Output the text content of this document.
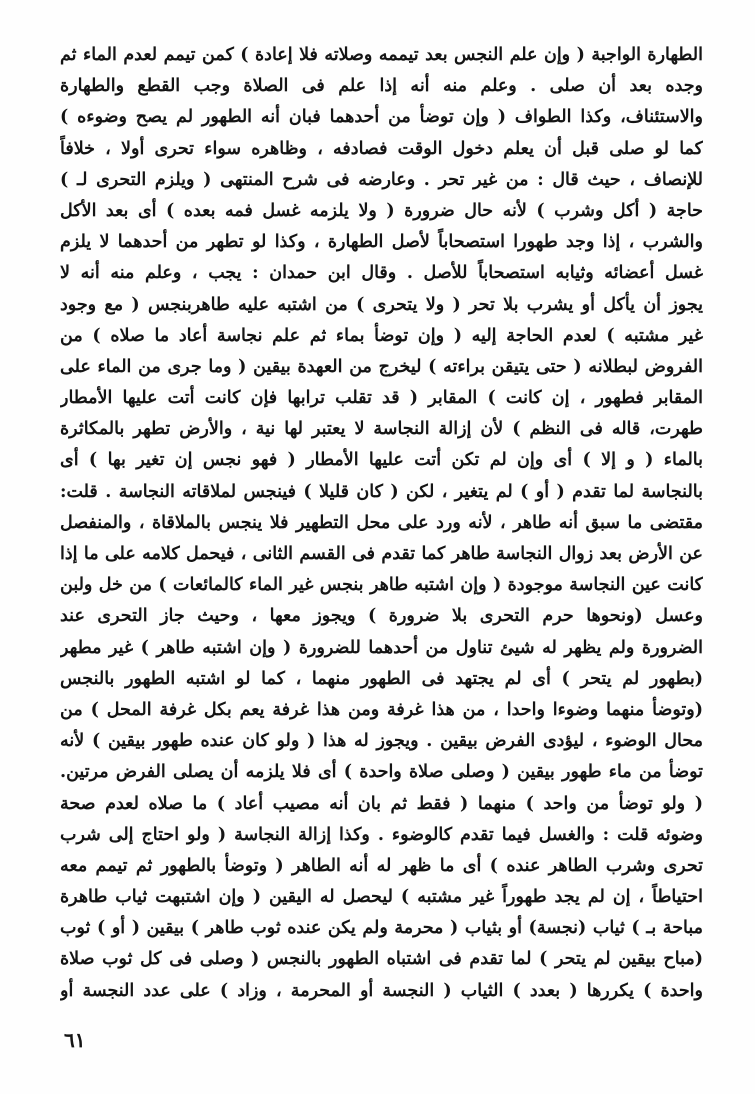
الطهارة الواجبة ( وإن علم النجس بعد تيممه وصلاته فلا إعادة ) كمن تيمم لعدم الماء ثم
وجده بعد أن صلى . وعلم منه أنه إذا علم فى الصلاة وجب القطع والطهارة
والاستئناف، وكذا الطواف ( وإن توضأ من أحدهما فبان أنه الطهور لم يصح وضوءه )
كما لو صلى قبل أن يعلم دخول الوقت فصادفه ، وظاهره سواء تحرى أولا ، خلافاً
للإنصاف ، حيث قال : من غير تحر . وعارضه فى شرح المنتهى ( ويلزم التحرى لـ )
حاجة ( أكل وشرب ) لأنه حال ضرورة ( ولا يلزمه غسل فمه بعده ) أى بعد الأكل
والشرب ، إذا وجد طهورا استصحاباً لأصل الطهارة ، وكذا لو تطهر من أحدهما لا يلزم
غسل أعضائه وثيابه استصحاباً للأصل . وقال ابن حمدان : يجب ، وعلم منه أنه لا
يجوز أن يأكل أو يشرب بلا تحر ( ولا يتحرى ) من اشتبه عليه طاهربنجس ( مع وجود
غير مشتبه ) لعدم الحاجة إليه ( وإن توضأ بماء ثم علم نجاسة أعاد ما صلاه ) من
الفروض لبطلانه ( حتى يتيقن براءته ) ليخرج من العهدة بيقين ( وما جرى من الماء على
المقابر فطهور ، إن كانت ) المقابر ( قد تقلب ترابها فإن كانت أتت عليها الأمطار
طهرت، قاله فى النظم ) لأن إزالة النجاسة لا يعتبر لها نية ، والأرض تطهر بالمكاثرة
بالماء ( و إلا ) أى وإن لم تكن أتت عليها الأمطار ( فهو نجس إن تغير بها ) أى
بالنجاسة لما تقدم ( أو ) لم يتغير ، لكن ( كان قليلا ) فينجس لملاقاته النجاسة . قلت:
مقتضى ما سبق أنه طاهر ، لأنه ورد على محل التطهير فلا ينجس بالملاقاة ، والمنفصل
عن الأرض بعد زوال النجاسة طاهر كما تقدم فى القسم الثانى ، فيحمل كلامه على ما إذا
كانت عين النجاسة موجودة ( وإن اشتبه طاهر بنجس غير الماء كالمائعات ) من خل ولبن
وعسل (ونحوها حرم التحرى بلا ضرورة ) ويجوز معها ، وحيث جاز التحرى عند
الضرورة ولم يظهر له شيئ تناول من أحدهما للضرورة ( وإن اشتبه طاهر ) غير مطهر
(بطهور لم يتحر ) أى لم يجتهد فى الطهور منهما ، كما لو اشتبه الطهور بالنجس
(وتوضأ منهما وضوءا واحدا ، من هذا غرفة ومن هذا غرفة يعم بكل غرفة المحل ) من
محال الوضوء ، ليؤدى الفرض بيقين . ويجوز له هذا ( ولو كان عنده طهور بيقين ) لأنه
توضأ من ماء طهور بيقين ( وصلى صلاة واحدة ) أى فلا يلزمه أن يصلى الفرض مرتين.
( ولو توضأ من واحد ) منهما ( فقط ثم بان أنه مصيب أعاد ) ما صلاه لعدم صحة
وضوئه قلت : والغسل فيما تقدم كالوضوء . وكذا إزالة النجاسة ( ولو احتاج إلى شرب
تحرى وشرب الطاهر عنده ) أى ما ظهر له أنه الطاهر ( وتوضأ بالطهور ثم تيمم معه
احتياطاً ، إن لم يجد طهوراً غير مشتبه ) ليحصل له اليقين ( وإن اشتبهت ثياب طاهرة
مباحة بـ ) ثياب (نجسة) أو بثياب ( محرمة ولم يكن عنده ثوب طاهر ) بيقين ( أو ) ثوب
(مباح بيقين لم يتحر ) لما تقدم فى اشتباه الطهور بالنجس ( وصلى فى كل ثوب صلاة
واحدة ) يكررها ( بعدد ) الثياب ( النجسة أو المحرمة ، وزاد ) على عدد النجسة أو
٦١
